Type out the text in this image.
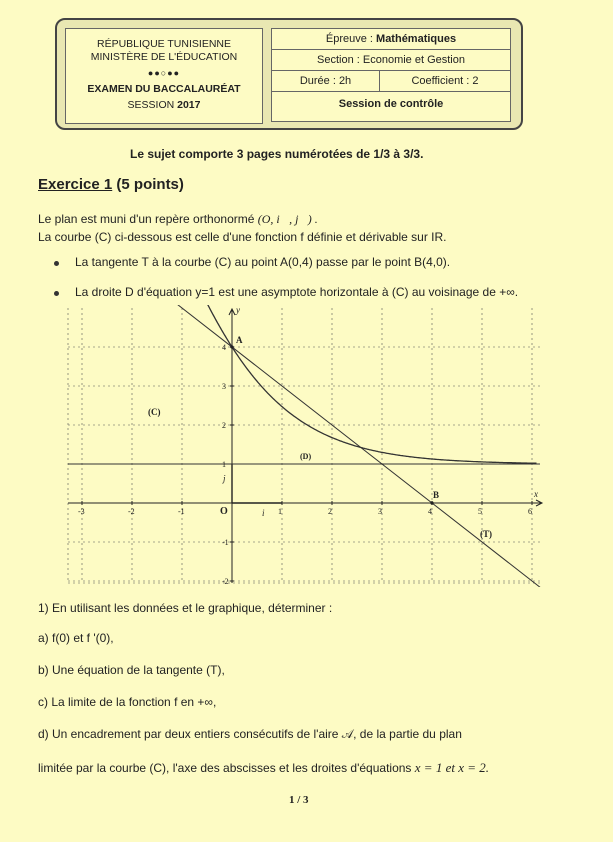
RÉPUBLIQUE TUNISIENNE
MINISTÈRE DE L'ÉDUCATION
●●○●●
EXAMEN DU BACCALAURÉAT
SESSION 2017
Épreuve : Mathématiques
Section : Economie et Gestion
Durée : 2h	Coefficient : 2
Session de contrôle
Le sujet comporte 3 pages numérotées de 1/3 à 3/3.
Exercice 1 (5 points)
Le plan est muni d'un repère orthonormé (O, i⃗, j⃗) .
La courbe (C) ci-dessous est celle d'une fonction f définie et dérivable sur IR.
La tangente T à la courbe (C) au point A(0,4) passe par le point B(4,0).
La droite D d'équation y=1 est une asymptote horizontale à (C) au voisinage de +∞.
-3	-2	-1	1	2	3	4	5	6
-2
-1
1
2
3
4
y
x
A
B
O	i
j
(C)
(D)
(T)
1) En utilisant les données et le graphique, déterminer :
a) f(0) et f '(0),
b) Une équation de la tangente (T),
c) La limite de la fonction f en +∞,
d) Un encadrement par deux entiers consécutifs de l'aire 𝒜, de la partie du plan
limitée par la courbe (C), l'axe des abscisses et les droites d'équations x = 1 et x = 2.
1 / 3
